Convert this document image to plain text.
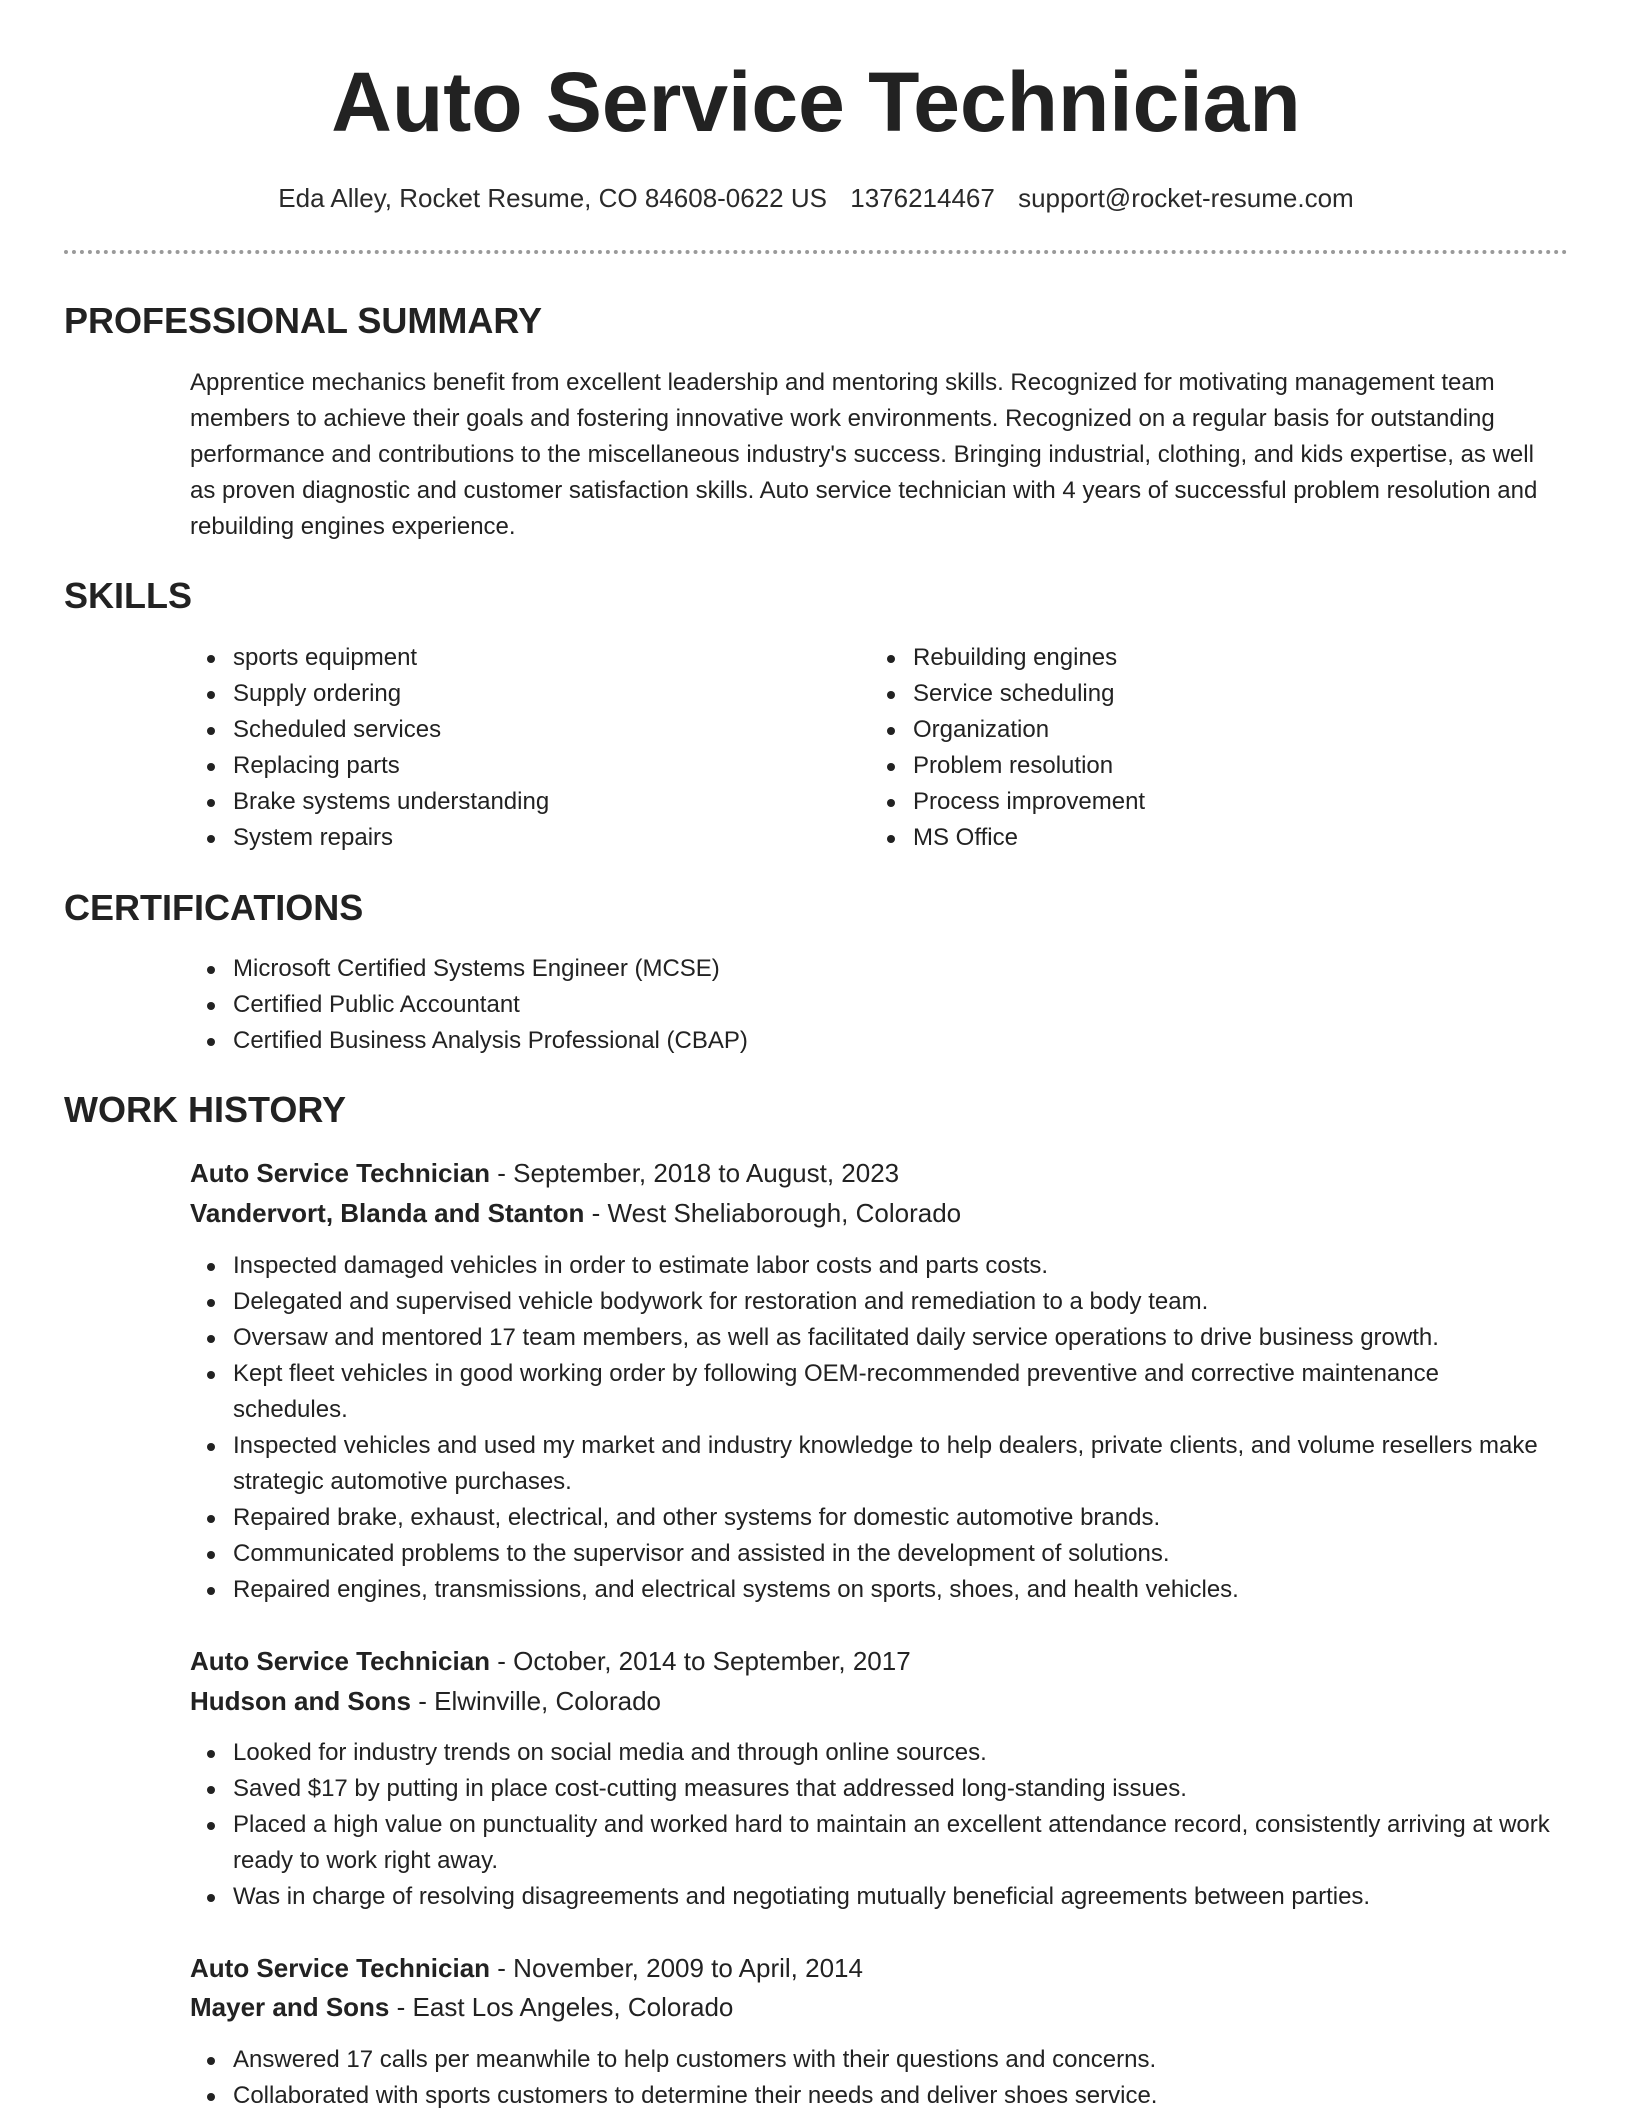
Auto Service Technician
Eda Alley, Rocket Resume, CO 84608-0622 US 1376214467 support@rocket-resume.com
PROFESSIONAL SUMMARY
Apprentice mechanics benefit from excellent leadership and mentoring skills. Recognized for motivating management team members to achieve their goals and fostering innovative work environments. Recognized on a regular basis for outstanding performance and contributions to the miscellaneous industry's success. Bringing industrial, clothing, and kids expertise, as well as proven diagnostic and customer satisfaction skills. Auto service technician with 4 years of successful problem resolution and rebuilding engines experience.
SKILLS
sports equipment
Supply ordering
Scheduled services
Replacing parts
Brake systems understanding
System repairs
Rebuilding engines
Service scheduling
Organization
Problem resolution
Process improvement
MS Office
CERTIFICATIONS
Microsoft Certified Systems Engineer (MCSE)
Certified Public Accountant
Certified Business Analysis Professional (CBAP)
WORK HISTORY
Auto Service Technician - September, 2018 to August, 2023
Vandervort, Blanda and Stanton - West Sheliaborough, Colorado
Inspected damaged vehicles in order to estimate labor costs and parts costs.
Delegated and supervised vehicle bodywork for restoration and remediation to a body team.
Oversaw and mentored 17 team members, as well as facilitated daily service operations to drive business growth.
Kept fleet vehicles in good working order by following OEM-recommended preventive and corrective maintenance schedules.
Inspected vehicles and used my market and industry knowledge to help dealers, private clients, and volume resellers make strategic automotive purchases.
Repaired brake, exhaust, electrical, and other systems for domestic automotive brands.
Communicated problems to the supervisor and assisted in the development of solutions.
Repaired engines, transmissions, and electrical systems on sports, shoes, and health vehicles.
Auto Service Technician - October, 2014 to September, 2017
Hudson and Sons - Elwinville, Colorado
Looked for industry trends on social media and through online sources.
Saved $17 by putting in place cost-cutting measures that addressed long-standing issues.
Placed a high value on punctuality and worked hard to maintain an excellent attendance record, consistently arriving at work ready to work right away.
Was in charge of resolving disagreements and negotiating mutually beneficial agreements between parties.
Auto Service Technician - November, 2009 to April, 2014
Mayer and Sons - East Los Angeles, Colorado
Answered 17 calls per meanwhile to help customers with their questions and concerns.
Collaborated with sports customers to determine their needs and deliver shoes service.
